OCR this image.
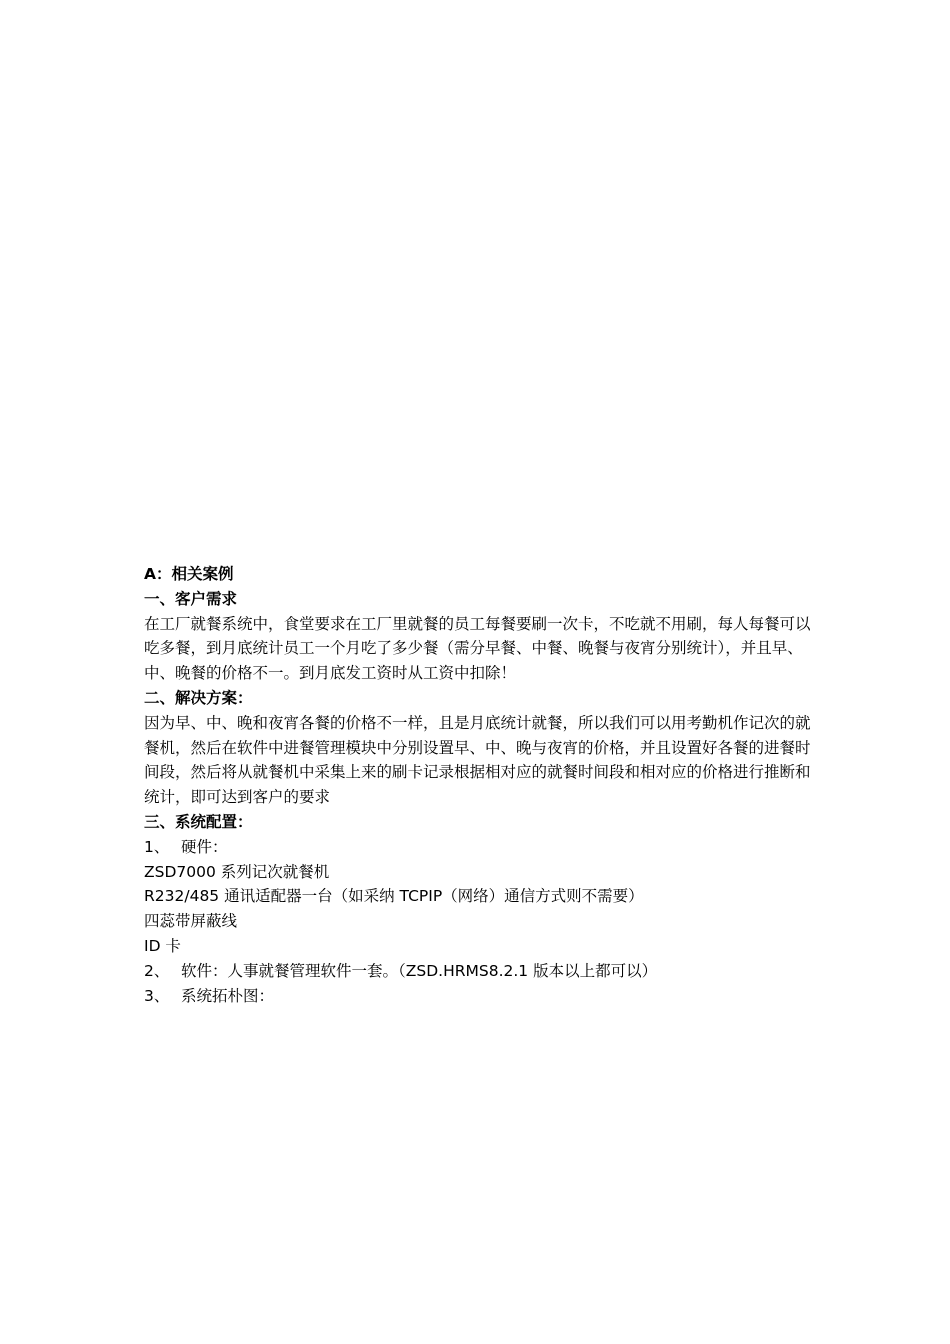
A：相关案例

一、客户需求

在工厂就餐系统中，食堂要求在工厂里就餐的员工每餐要刷一次卡，不吃就不用刷，每人每餐可以吃多餐，到月底统计员工一个月吃了多少餐（需分早餐、中餐、晚餐与夜宵分别统计），并且早、中、晚餐的价格不一。到月底发工资时从工资中扣除！

二、解决方案：

因为早、中、晚和夜宵各餐的价格不一样，且是月底统计就餐，所以我们可以用考勤机作记次的就餐机，然后在软件中进餐管理模块中分别设置早、中、晚与夜宵的价格，并且设置好各餐的进餐时间段，然后将从就餐机中采集上来的刷卡记录根据相对应的就餐时间段和相对应的价格进行推断和统计，即可达到客户的要求

三、系统配置：

1、 硬件：

ZSD7000 系列记次就餐机

R232/485 通讯适配器一台（如采纳 TCPIP（网络）通信方式则不需要）

四蕊带屏蔽线

ID 卡

2、 软件：人事就餐管理软件一套。（ZSD.HRMS8.2.1 版本以上都可以）

3、 系统拓朴图：
